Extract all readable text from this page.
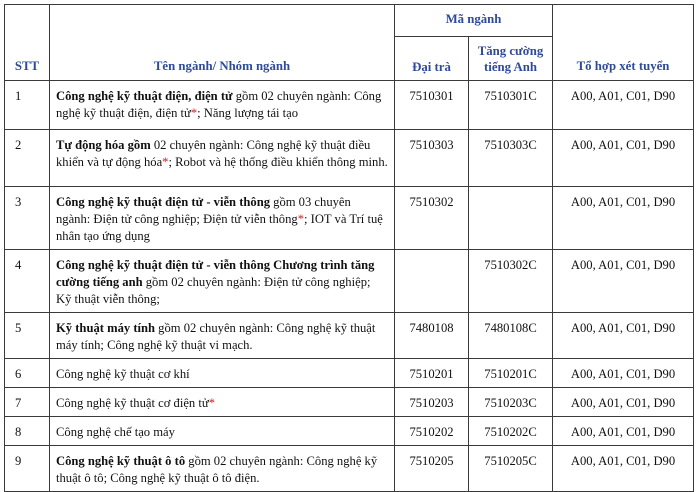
STT	Tên ngành/ Nhóm ngành	Mã ngành		Tổ hợp xét tuyển
		Đại trà	Tăng cường tiếng Anh	
1	Công nghệ kỹ thuật điện, điện tử gồm 02 chuyên ngành: Công nghệ kỹ thuật điện, điện tử*; Năng lượng tái tạo	7510301	7510301C	A00, A01, C01, D90
2	Tự động hóa gồm 02 chuyên ngành: Công nghệ kỹ thuật điều khiển và tự động hóa*; Robot và hệ thống điều khiển thông minh.	7510303	7510303C	A00, A01, C01, D90
3	Công nghệ kỹ thuật điện tử - viễn thông gồm 03 chuyên ngành: Điện tử công nghiệp; Điện tử viễn thông*; IOT và Trí tuệ nhân tạo ứng dụng	7510302		A00, A01, C01, D90
4	Công nghệ kỹ thuật điện tử - viễn thông Chương trình tăng cường tiếng anh gồm 02 chuyên ngành: Điện tử công nghiệp; Kỹ thuật viễn thông;		7510302C	A00, A01, C01, D90
5	Kỹ thuật máy tính gồm 02 chuyên ngành: Công nghệ kỹ thuật máy tính; Công nghệ kỹ thuật vi mạch.	7480108	7480108C	A00, A01, C01, D90
6	Công nghệ kỹ thuật cơ khí	7510201	7510201C	A00, A01, C01, D90
7	Công nghệ kỹ thuật cơ điện tử*	7510203	7510203C	A00, A01, C01, D90
8	Công nghệ chế tạo máy	7510202	7510202C	A00, A01, C01, D90
9	Công nghệ kỹ thuật ô tô gồm 02 chuyên ngành: Công nghệ kỹ thuật ô tô; Công nghệ kỹ thuật ô tô điện.	7510205	7510205C	A00, A01, C01, D90
